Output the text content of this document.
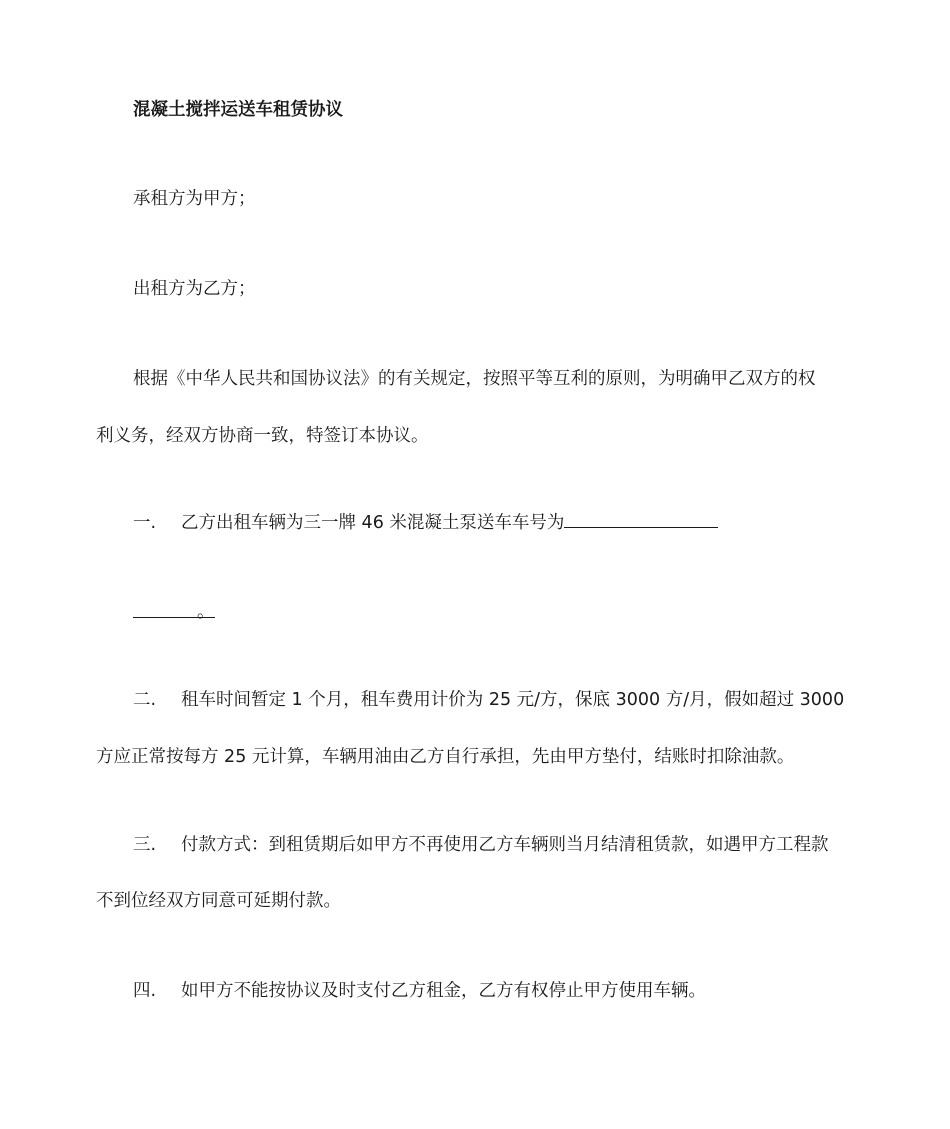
混凝土搅拌运送车租赁协议
承租方为甲方；
出租方为乙方；
根据《中华人民共和国协议法》的有关规定，按照平等互利的原则，为明确甲乙双方的权
利义务，经双方协商一致，特签订本协议。
一. 乙方出租车辆为三一牌 46 米混凝土泵送车车号为
。
二. 租车时间暂定 1 个月，租车费用计价为 25 元/方，保底 3000 方/月，假如超过 3000
方应正常按每方 25 元计算，车辆用油由乙方自行承担，先由甲方垫付，结账时扣除油款。
三. 付款方式：到租赁期后如甲方不再使用乙方车辆则当月结清租赁款，如遇甲方工程款
不到位经双方同意可延期付款。
四. 如甲方不能按协议及时支付乙方租金，乙方有权停止甲方使用车辆。
